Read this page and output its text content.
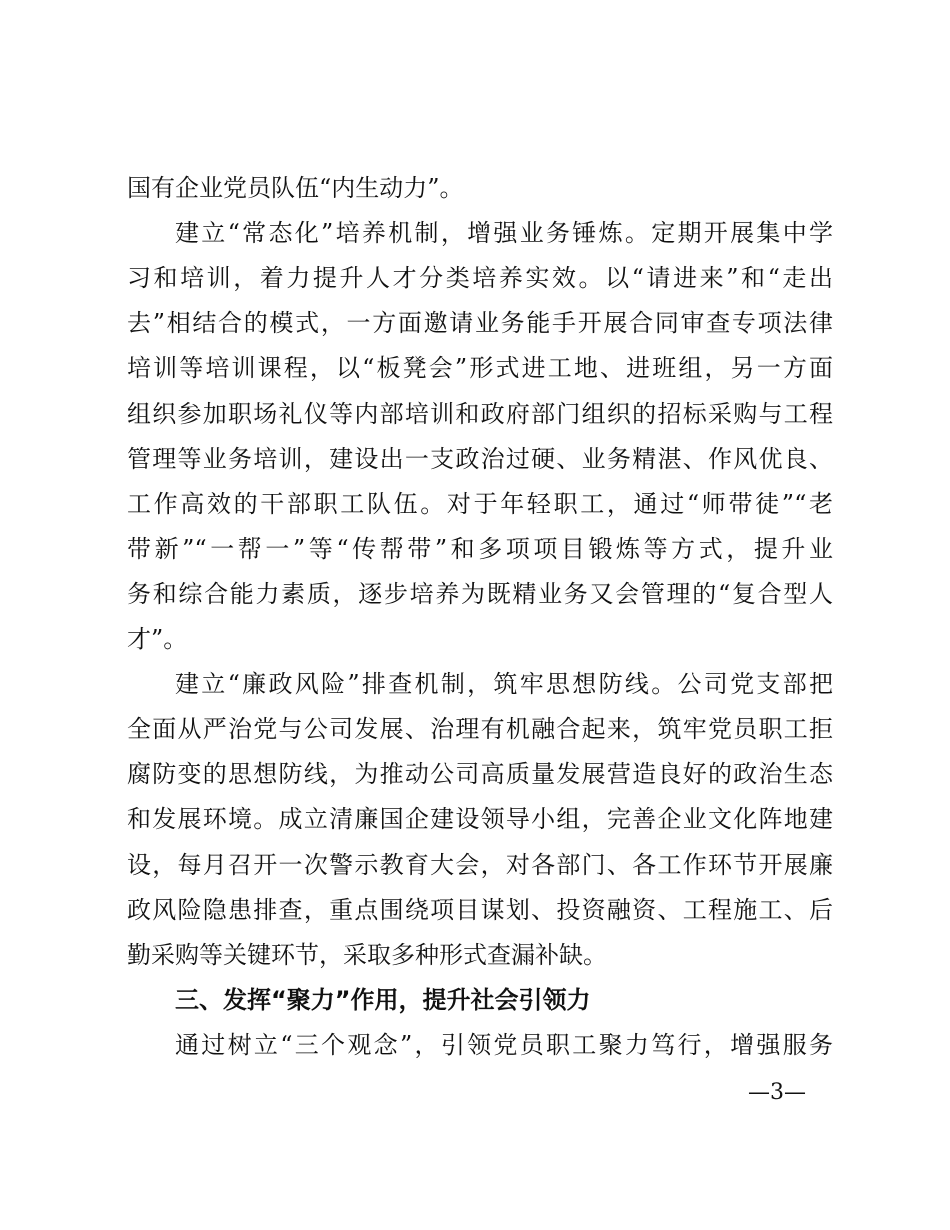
国有企业党员队伍“内生动力”。
建立“常态化”培养机制，增强业务锤炼。定期开展集中学
习和培训，着力提升人才分类培养实效。以“请进来”和“走出
去”相结合的模式，一方面邀请业务能手开展合同审查专项法律
培训等培训课程，以“板凳会”形式进工地、进班组，另一方面
组织参加职场礼仪等内部培训和政府部门组织的招标采购与工程
管理等业务培训，建设出一支政治过硬、业务精湛、作风优良、
工作高效的干部职工队伍。对于年轻职工，通过“师带徒”“老
带新”“一帮一”等“传帮带”和多项项目锻炼等方式，提升业
务和综合能力素质，逐步培养为既精业务又会管理的“复合型人
才”。
建立“廉政风险”排查机制，筑牢思想防线。公司党支部把
全面从严治党与公司发展、治理有机融合起来，筑牢党员职工拒
腐防变的思想防线，为推动公司高质量发展营造良好的政治生态
和发展环境。成立清廉国企建设领导小组，完善企业文化阵地建
设，每月召开一次警示教育大会，对各部门、各工作环节开展廉
政风险隐患排查，重点围绕项目谋划、投资融资、工程施工、后
勤采购等关键环节，采取多种形式查漏补缺。
三、发挥“聚力”作用，提升社会引领力
通过树立“三个观念”，引领党员职工聚力笃行，增强服务
—3—
